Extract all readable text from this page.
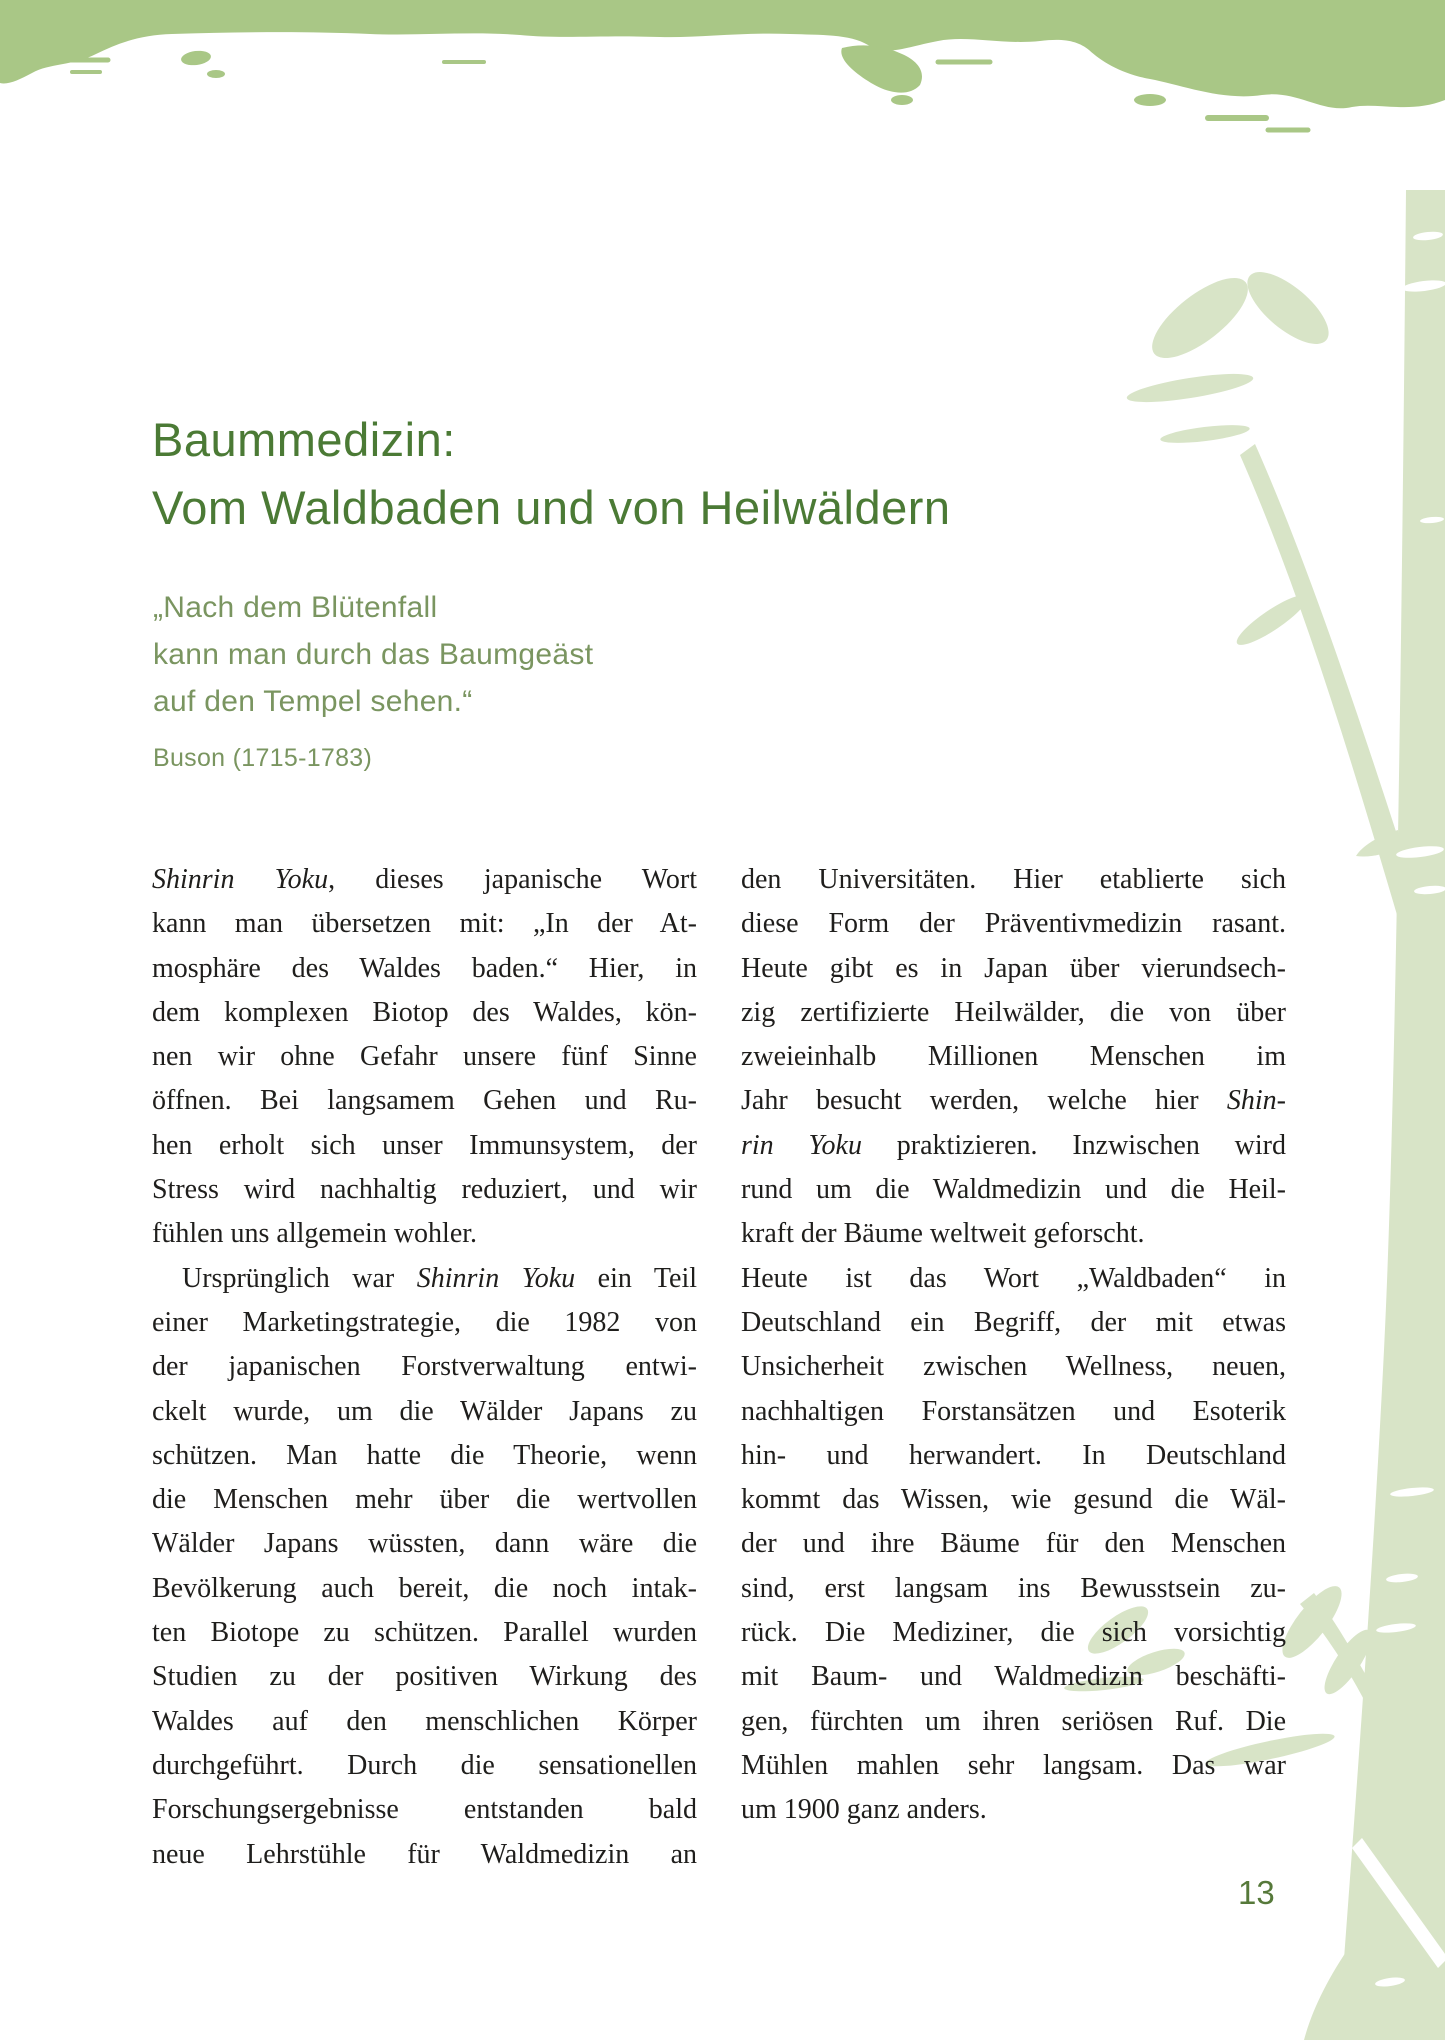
Baummedizin:
Vom Waldbaden und von Heilwäldern
„Nach dem Blütenfall
kann man durch das Baumgeäst
auf den Tempel sehen.“
Buson (1715-1783)
Shinrin Yoku, dieses japanische Wort
kann man übersetzen mit: „In der At-
mosphäre des Waldes baden.“ Hier, in
dem komplexen Biotop des Waldes, kön-
nen wir ohne Gefahr unsere fünf Sinne
öffnen. Bei langsamem Gehen und Ru-
hen erholt sich unser Immunsystem, der
Stress wird nachhaltig reduziert, und wir
fühlen uns allgemein wohler.
Ursprünglich war Shinrin Yoku ein Teil
einer Marketingstrategie, die 1982 von
der japanischen Forstverwaltung entwi-
ckelt wurde, um die Wälder Japans zu
schützen. Man hatte die Theorie, wenn
die Menschen mehr über die wertvollen
Wälder Japans wüssten, dann wäre die
Bevölkerung auch bereit, die noch intak-
ten Biotope zu schützen. Parallel wurden
Studien zu der positiven Wirkung des
Waldes auf den menschlichen Körper
durchgeführt. Durch die sensationellen
Forschungsergebnisse entstanden bald
neue Lehrstühle für Waldmedizin an
den Universitäten. Hier etablierte sich
diese Form der Präventivmedizin rasant.
Heute gibt es in Japan über vierundsech-
zig zertifizierte Heilwälder, die von über
zweieinhalb Millionen Menschen im
Jahr besucht werden, welche hier Shin-
rin Yoku praktizieren. Inzwischen wird
rund um die Waldmedizin und die Heil-
kraft der Bäume weltweit geforscht.
Heute ist das Wort „Waldbaden“ in
Deutschland ein Begriff, der mit etwas
Unsicherheit zwischen Wellness, neuen,
nachhaltigen Forstansätzen und Esoterik
hin- und herwandert. In Deutschland
kommt das Wissen, wie gesund die Wäl-
der und ihre Bäume für den Menschen
sind, erst langsam ins Bewusstsein zu-
rück. Die Mediziner, die sich vorsichtig
mit Baum- und Waldmedizin beschäfti-
gen, fürchten um ihren seriösen Ruf. Die
Mühlen mahlen sehr langsam. Das war
um 1900 ganz anders.
13
